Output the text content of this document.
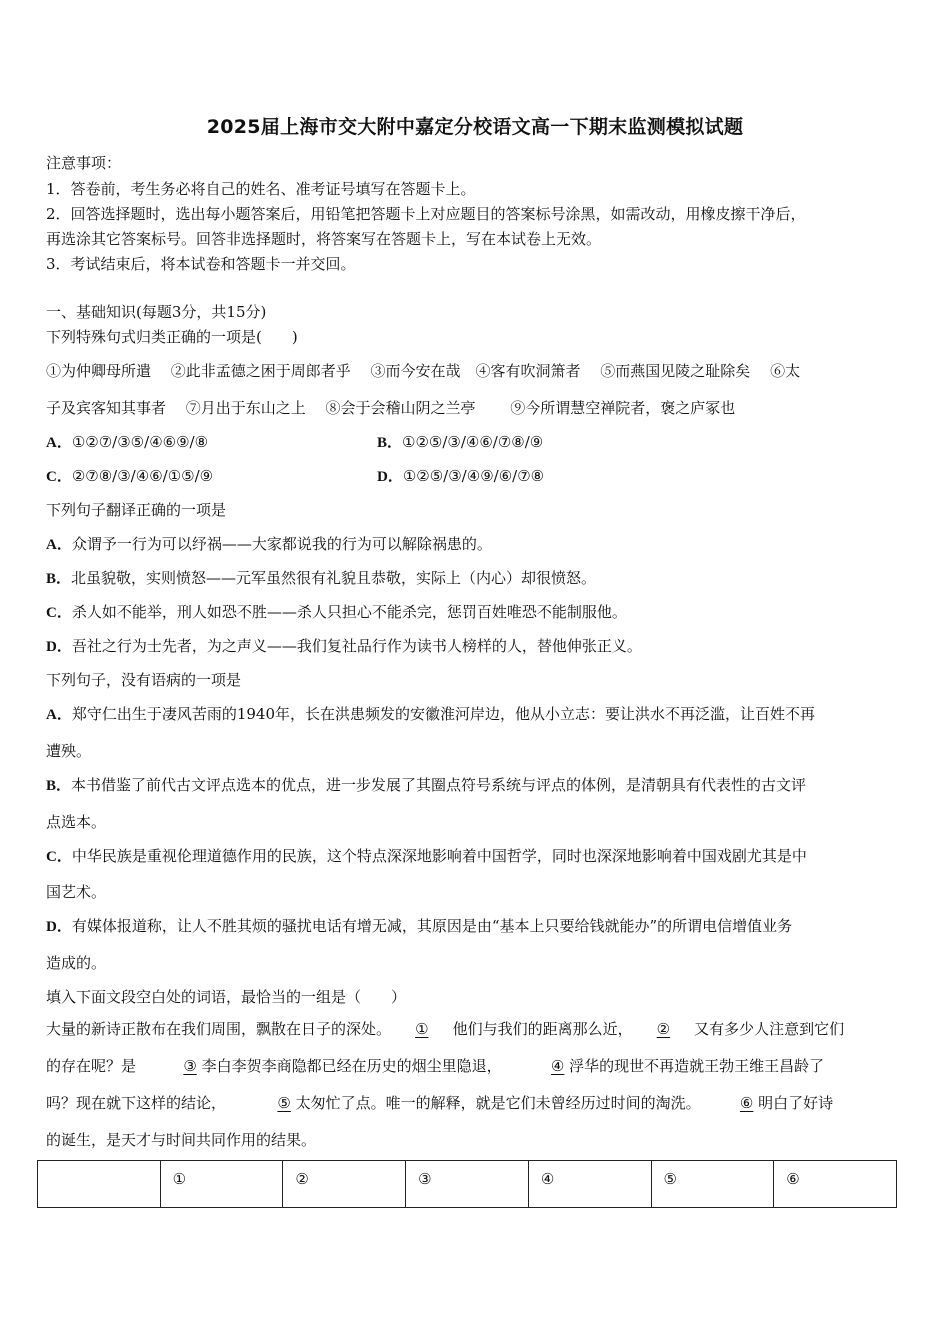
2025届上海市交大附中嘉定分校语文高一下期末监测模拟试题
注意事项：
1．答卷前，考生务必将自己的姓名、准考证号填写在答题卡上。
2．回答选择题时，选出每小题答案后，用铅笔把答题卡上对应题目的答案标号涂黑，如需改动，用橡皮擦干净后，
再选涂其它答案标号。回答非选择题时，将答案写在答题卡上，写在本试卷上无效。
3．考试结束后，将本试卷和答题卡一并交回。
一、基础知识(每题3分，共15分)
下列特殊句式归类正确的一项是(　　)
①为仲卿母所遣　 ②此非孟德之困于周郎者乎　 ③而今安在哉　④客有吹洞箫者　 ⑤而燕国见陵之耻除矣　 ⑥太
子及宾客知其事者　 ⑦月出于东山之上　 ⑧会于会稽山阴之兰亭　　 ⑨今所谓慧空禅院者，褒之庐冢也
A．①②⑦/③⑤/④⑥⑨/⑧	B．①②⑤/③/④⑥/⑦⑧/⑨
C．②⑦⑧/③/④⑥/①⑤/⑨	D．①②⑤/③/④⑨/⑥/⑦⑧
下列句子翻译正确的一项是
A．众谓予一行为可以纾祸——大家都说我的行为可以解除祸患的。
B．北虽貌敬，实则愤怒——元军虽然很有礼貌且恭敬，实际上（内心）却很愤怒。
C．杀人如不能举，刑人如恐不胜——杀人只担心不能杀完，惩罚百姓唯恐不能制服他。
D．吾社之行为士先者，为之声义——我们复社品行作为读书人榜样的人，替他伸张正义。
下列句子，没有语病的一项是
A．郑守仁出生于凄风苦雨的1940年，长在洪患频发的安徽淮河岸边，他从小立志：要让洪水不再泛滥，让百姓不再
遭殃。
B．本书借鉴了前代古文评点选本的优点，进一步发展了其圈点符号系统与评点的体例，是清朝具有代表性的古文评
点选本。
C．中华民族是重视伦理道德作用的民族，这个特点深深地影响着中国哲学，同时也深深地影响着中国戏剧尤其是中
国艺术。
D．有媒体报道称，让人不胜其烦的骚扰电话有增无减，其原因是由“基本上只要给钱就能办”的所谓电信增值业务
造成的。
填入下面文段空白处的词语，最恰当的一组是（　　）
大量的新诗正散布在我们周围，飘散在日子的深处。 ① 他们与我们的距离那么近， ② 又有多少人注意到它们
的存在呢？是	③ 李白李贺李商隐都已经在历史的烟尘里隐退，	④ 浮华的现世不再造就王勃王维王昌龄了
吗？现在就下这样的结论，	⑤ 太匆忙了点。唯一的解释，就是它们未曾经历过时间的淘洗。	⑥ 明白了好诗
的诞生，是天才与时间共同作用的结果。
	①	②	③	④	⑤	⑥
